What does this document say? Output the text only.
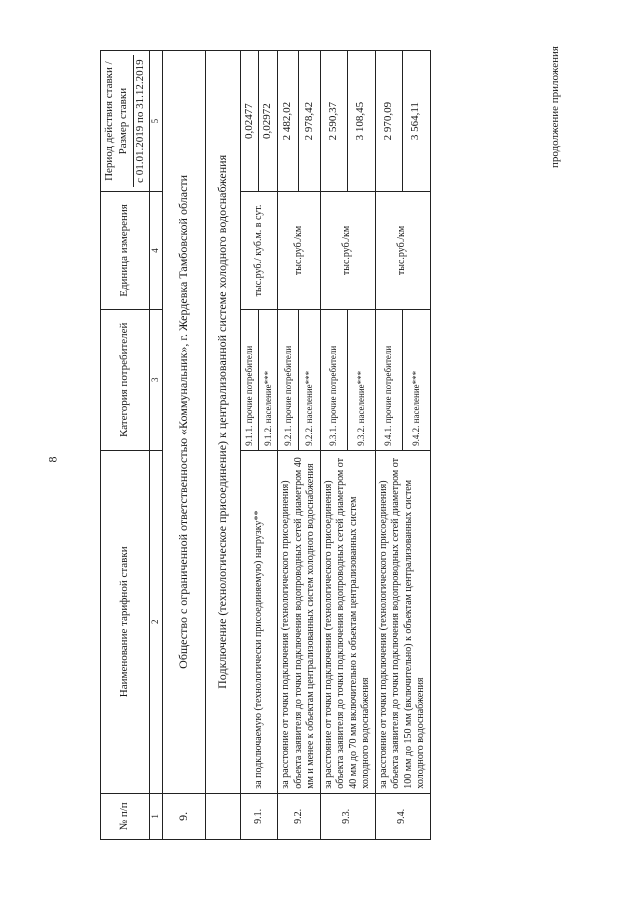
8
продолжение приложения
№ п/п	Наименование тарифной ставки	Категория потребителей	Единица измерения	Период действия ставки /Размер ставки с 01.01.2019 по 31.12.2019

1	2	3	4	5
9.	Общество с ограниченной ответственностью «Коммунальник», г. Жердевка Тамбовской области			
	Подключение (технологическое присоединение) к централизованной системе холодного водоснабжения			
9.1.	за подключаемую (технологически присоединяемую) нагрузку**	9.1.1. прочие потребители	тыс.руб./ куб.м. в сут.	0,02477
		9.1.2. население***		0,02972
9.2.	за расстояние от точки подключения (технологического присоединения) объекта заявителя до точки подключения водопроводных сетей диаметром 40 мм и менее к объектам централизованных систем холодного водоснабжения	9.2.1. прочие потребители	тыс.руб./км	2 482,02
		9.2.2. население***		2 978,42
9.3.	за расстояние от точки подключения (технологического присоединения) объекта заявителя до точки подключения водопроводных сетей диаметром от 40 мм до 70 мм включительно к объектам централизованных систем холодного водоснабжения	9.3.1. прочие потребители	тыс.руб./км	2 590,37
		9.3.2. население***		3 108,45
9.4.	за расстояние от точки подключения (технологического присоединения) объекта заявителя до точки подключения водопроводных сетей диаметром от 100 мм до 150 мм (включительно) к объектам централизованных систем холодного водоснабжения	9.4.1. прочие потребители	тыс.руб./км	2 970,09
		9.4.2. население***		3 564,11
